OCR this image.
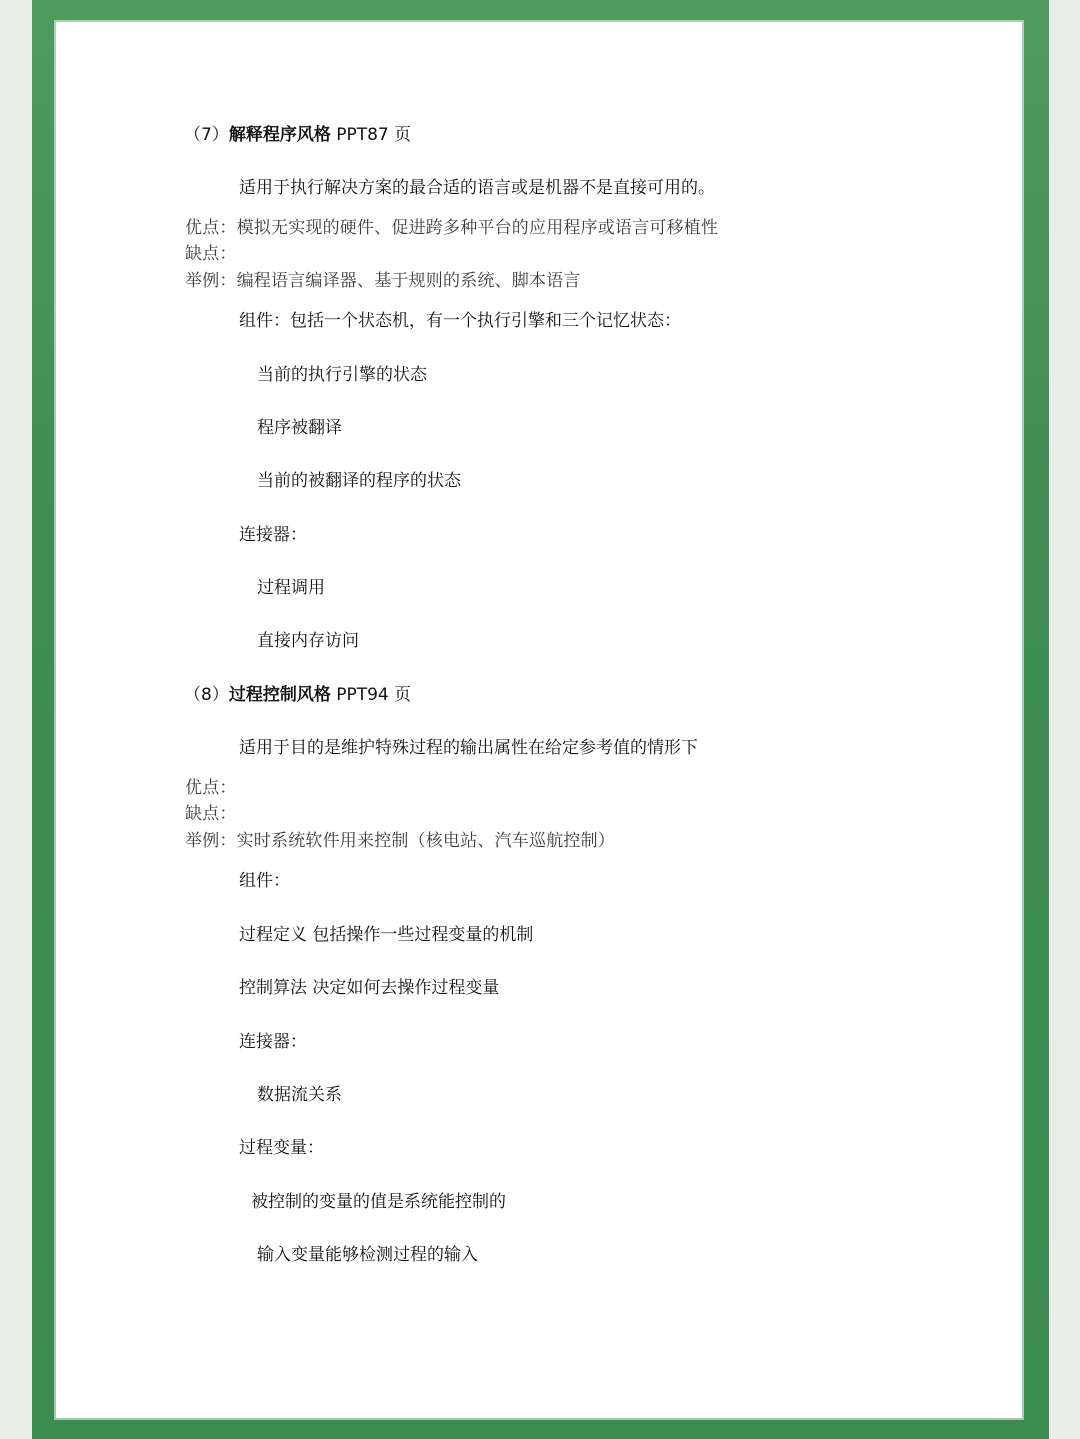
（7）解释程序风格 PPT87 页
适用于执行解决方案的最合适的语言或是机器不是直接可用的。
优点：模拟无实现的硬件、促进跨多种平台的应用程序或语言可移植性
缺点：
举例：编程语言编译器、基于规则的系统、脚本语言
组件：包括一个状态机，有一个执行引擎和三个记忆状态：
当前的执行引擎的状态
程序被翻译
当前的被翻译的程序的状态
连接器：
过程调用
直接内存访问
（8）过程控制风格 PPT94 页
适用于目的是维护特殊过程的输出属性在给定参考值的情形下
优点：
缺点：
举例：实时系统软件用来控制（核电站、汽车巡航控制）
组件：
过程定义 包括操作一些过程变量的机制
控制算法 决定如何去操作过程变量
连接器：
数据流关系
过程变量：
被控制的变量的值是系统能控制的
输入变量能够检测过程的输入
